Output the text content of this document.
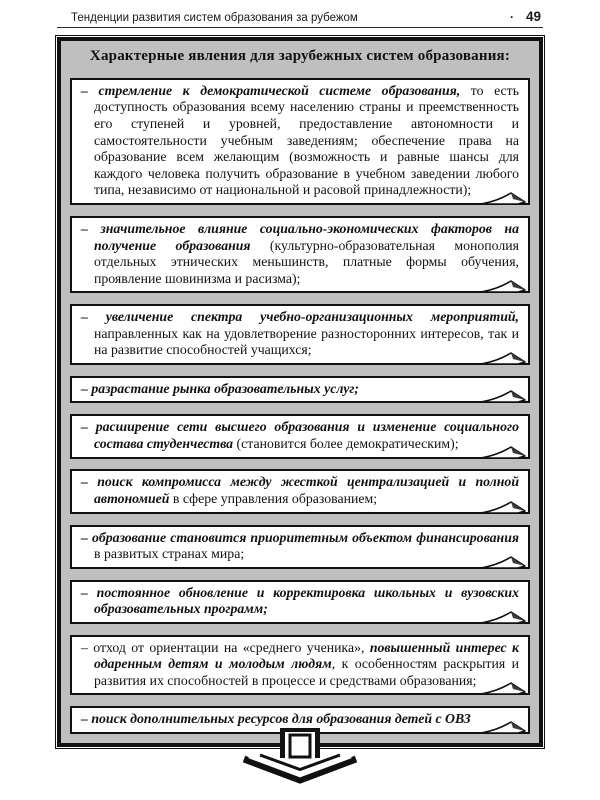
Тенденции развития систем образования за рубежом	· 49
Характерные явления для зарубежных систем образования:

– стремление к демократической системе образования, то есть доступность образования всему населению страны и преемственность его ступеней и уровней, предоставление автономности и самостоятельности учебным заведениям; обеспечение права на образование всем желающим (возможность и равные шансы для каждого человека получить образование в учебном заведении любого типа, независимо от национальной и расовой принадлежности);

– значительное влияние социально-экономических факторов на получение образования (культурно-образовательная монополия отдельных этнических меньшинств, платные формы обучения, проявление шовинизма и расизма);

– увеличение спектра учебно-организационных мероприятий, направленных как на удовлетворение разносторонних интересов, так и на развитие способностей учащихся;

– разрастание рынка образовательных услуг;

– расширение сети высшего образования и изменение социального состава студенчества (становится более демократическим);

– поиск компромисса между жесткой централизацией и полной автономией в сфере управления образованием;

– образование становится приоритетным объектом финансирования в развитых странах мира;

– постоянное обновление и корректировка школьных и вузовских образовательных программ;

– отход от ориентации на «среднего ученика», повышенный интерес к одаренным детям и молодым людям, к особенностям раскрытия и развития их способностей в процессе и средствами образования;

– поиск дополнительных ресурсов для образования детей с ОВЗ
